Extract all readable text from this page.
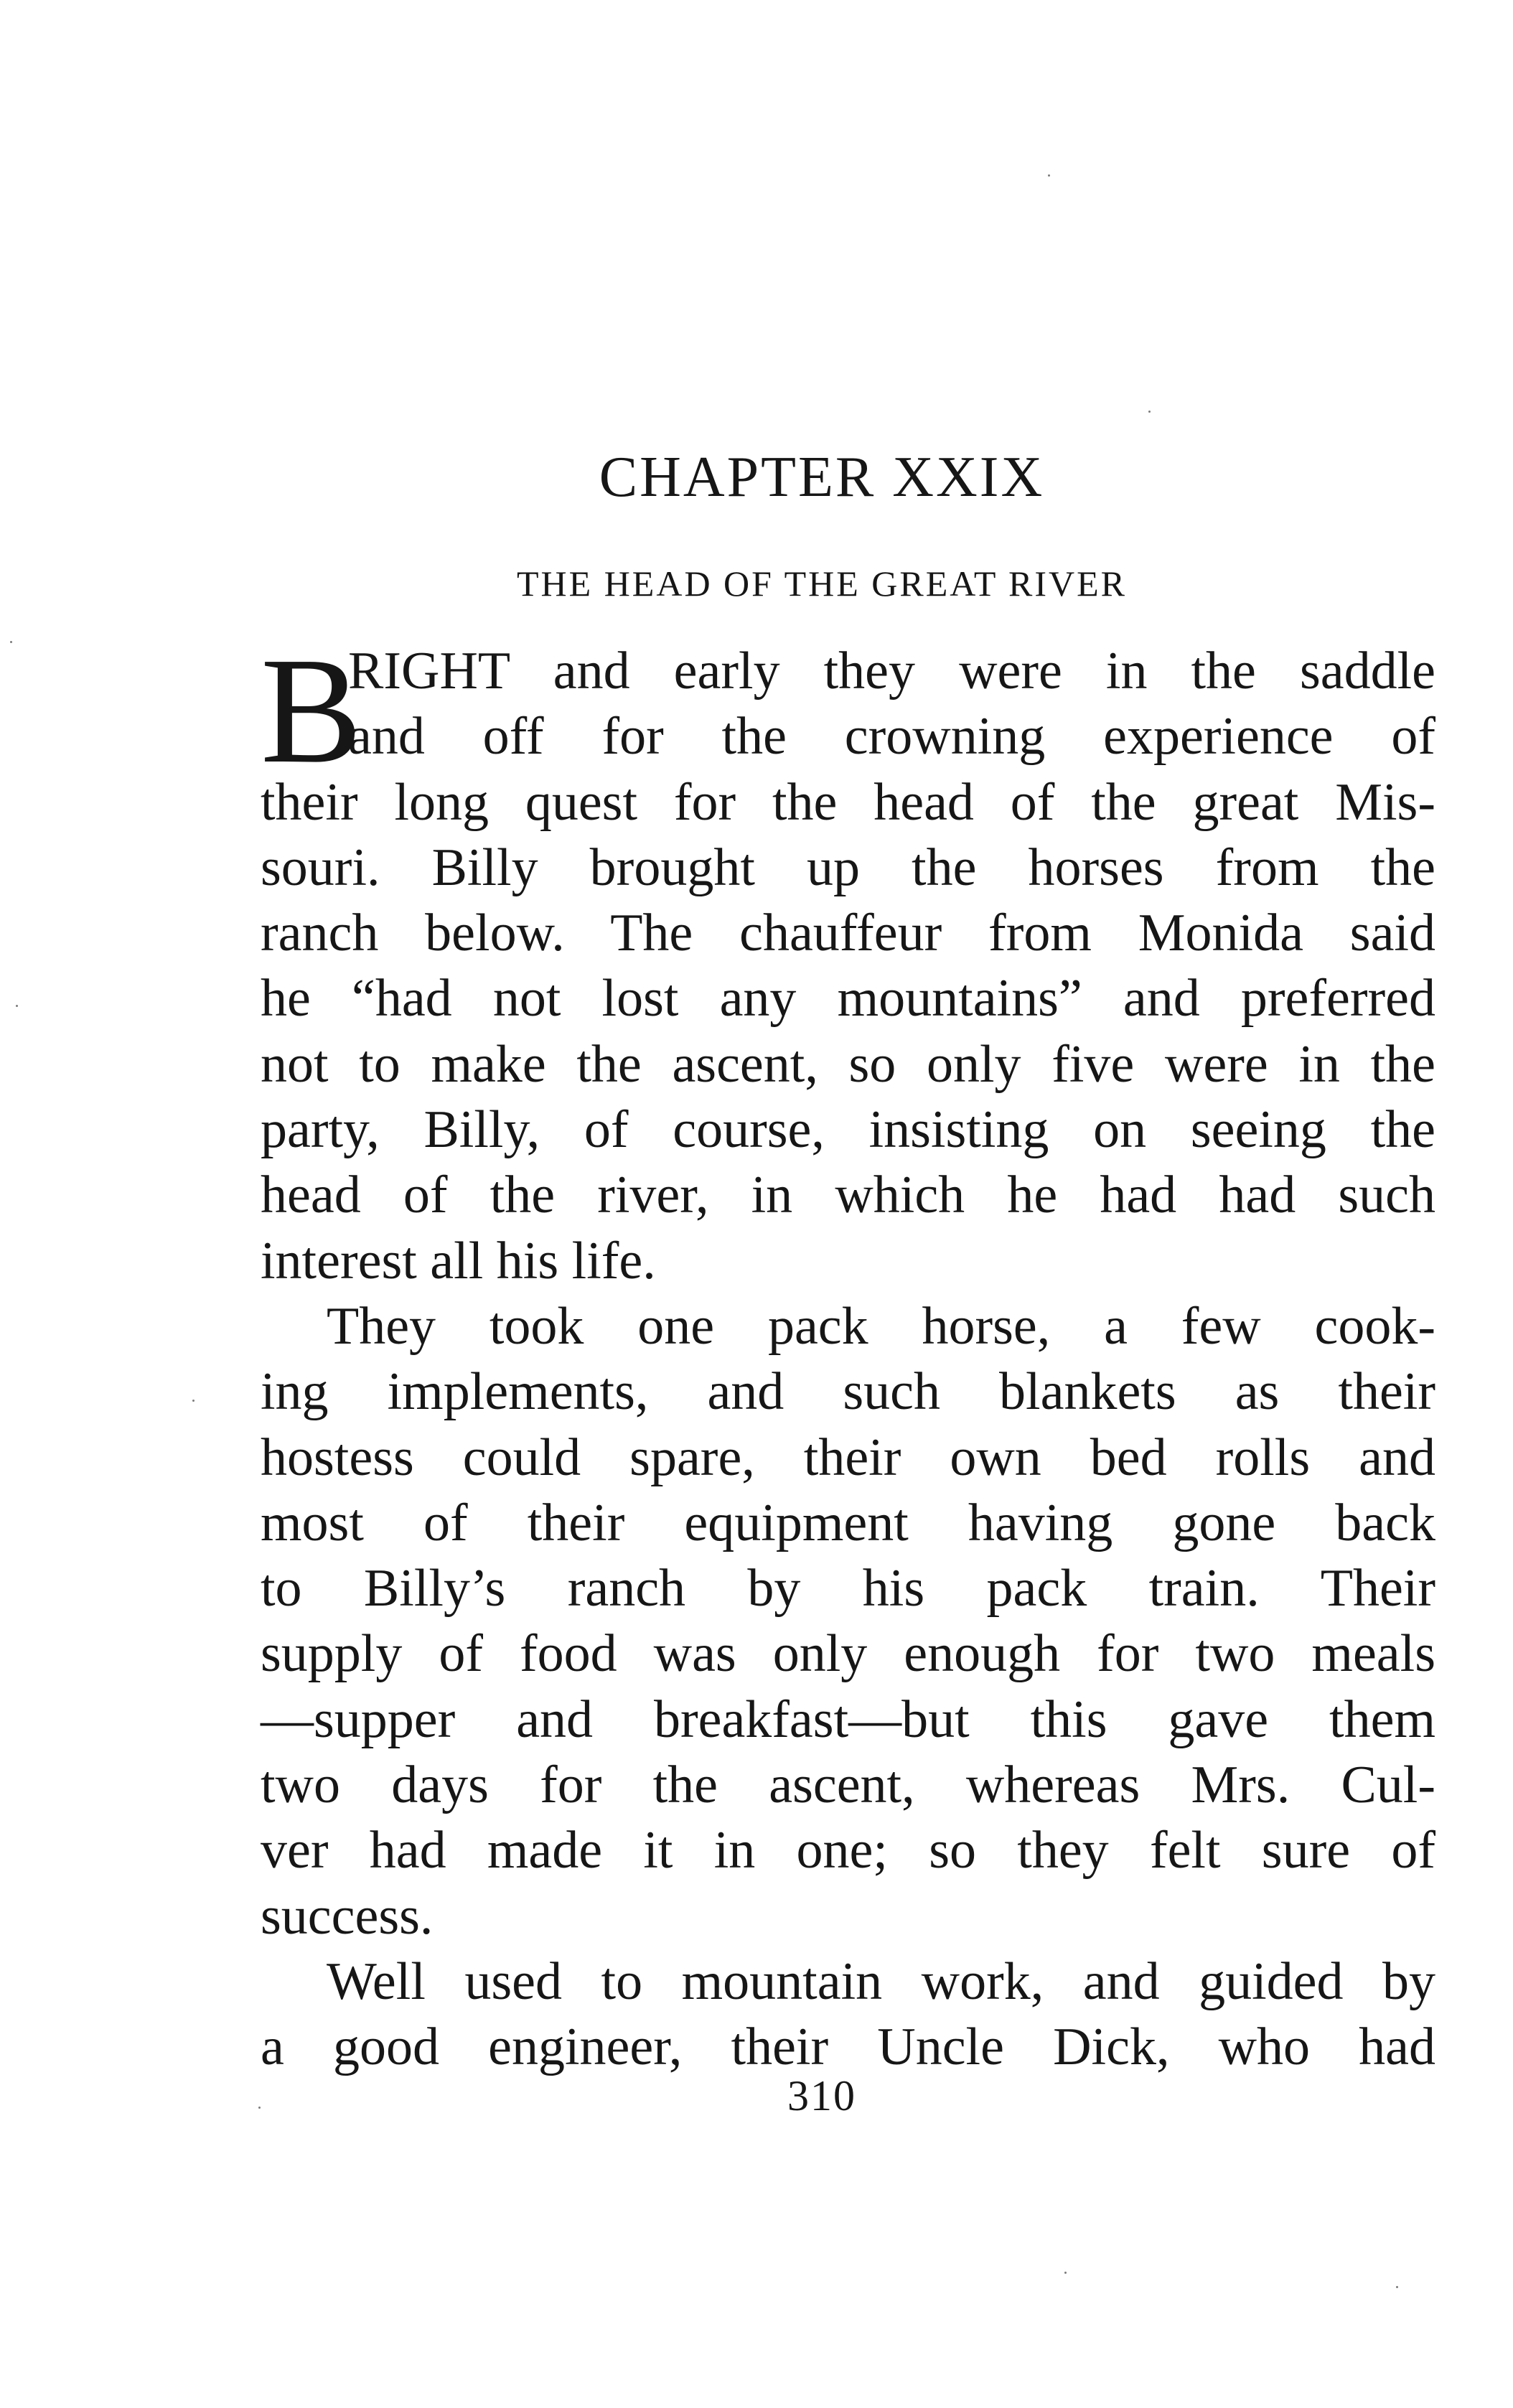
CHAPTER XXIX
THE HEAD OF THE GREAT RIVER
B
RIGHT and early they were in the saddle
and off for the crowning experience of
their long quest for the head of the great Mis-
souri. Billy brought up the horses from the
ranch below. The chauffeur from Monida said
he “had not lost any mountains” and preferred
not to make the ascent, so only five were in the
party, Billy, of course, insisting on seeing the
head of the river, in which he had had such
interest all his life.
They took one pack horse, a few cook-
ing implements, and such blankets as their
hostess could spare, their own bed rolls and
most of their equipment having gone back
to Billy’s ranch by his pack train. Their
supply of food was only enough for two meals
—supper and breakfast—but this gave them
two days for the ascent, whereas Mrs. Cul-
ver had made it in one; so they felt sure of
success.
Well used to mountain work, and guided by
a good engineer, their Uncle Dick, who had
310
